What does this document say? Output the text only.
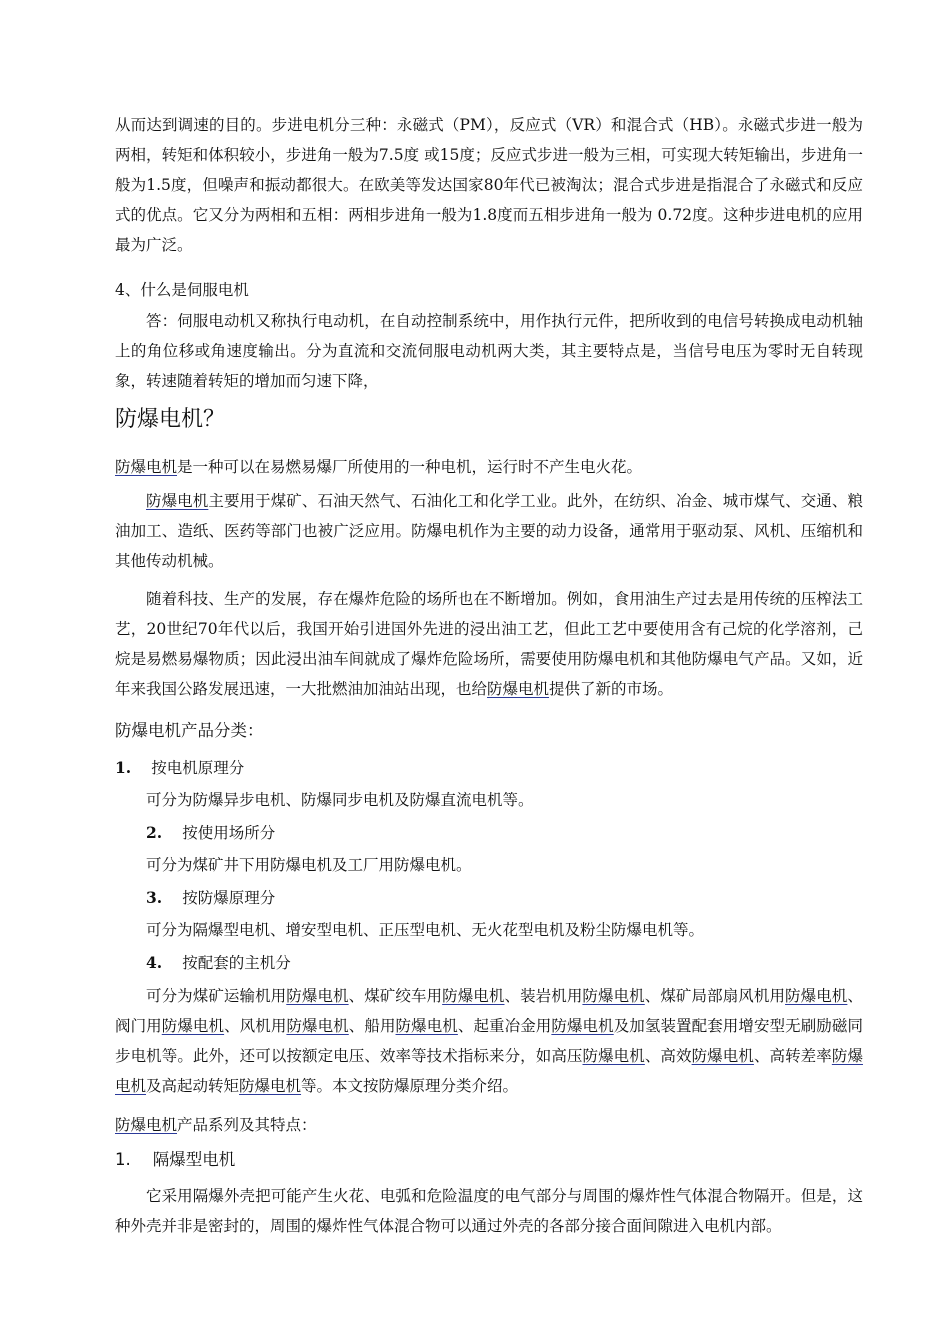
从而达到调速的目的。步进电机分三种：永磁式（PM），反应式（VR）和混合式（HB）。永磁式步进一般为两相，转矩和体积较小，步进角一般为7.5度 或15度；反应式步进一般为三相，可实现大转矩输出，步进角一般为1.5度，但噪声和振动都很大。在欧美等发达国家80年代已被淘汰；混合式步进是指混合了永磁式和反应式的优点。它又分为两相和五相：两相步进角一般为1.8度而五相步进角一般为 0.72度。这种步进电机的应用最为广泛。
4、什么是伺服电机
答：伺服电动机又称执行电动机，在自动控制系统中，用作执行元件，把所收到的电信号转换成电动机轴上的角位移或角速度输出。分为直流和交流伺服电动机两大类，其主要特点是，当信号电压为零时无自转现象，转速随着转矩的增加而匀速下降，
防爆电机？
防爆电机是一种可以在易燃易爆厂所使用的一种电机，运行时不产生电火花。
防爆电机主要用于煤矿、石油天然气、石油化工和化学工业。此外，在纺织、冶金、城市煤气、交通、粮油加工、造纸、医药等部门也被广泛应用。防爆电机作为主要的动力设备，通常用于驱动泵、风机、压缩机和其他传动机械。
随着科技、生产的发展，存在爆炸危险的场所也在不断增加。例如，食用油生产过去是用传统的压榨法工艺，20世纪70年代以后，我国开始引进国外先进的浸出油工艺，但此工艺中要使用含有己烷的化学溶剂，己烷是易燃易爆物质；因此浸出油车间就成了爆炸危险场所，需要使用防爆电机和其他防爆电气产品。又如，近年来我国公路发展迅速，一大批燃油加油站出现，也给防爆电机提供了新的市场。
防爆电机产品分类：
1. 按电机原理分
可分为防爆异步电机、防爆同步电机及防爆直流电机等。
2. 按使用场所分
可分为煤矿井下用防爆电机及工厂用防爆电机。
3. 按防爆原理分
可分为隔爆型电机、增安型电机、正压型电机、无火花型电机及粉尘防爆电机等。
4. 按配套的主机分
可分为煤矿运输机用防爆电机、煤矿绞车用防爆电机、装岩机用防爆电机、煤矿局部扇风机用防爆电机、阀门用防爆电机、风机用防爆电机、船用防爆电机、起重冶金用防爆电机及加氢装置配套用增安型无刷励磁同步电机等。此外，还可以按额定电压、效率等技术指标来分，如高压防爆电机、高效防爆电机、高转差率防爆电机及高起动转矩防爆电机等。本文按防爆原理分类介绍。
防爆电机产品系列及其特点：
1. 隔爆型电机
它采用隔爆外壳把可能产生火花、电弧和危险温度的电气部分与周围的爆炸性气体混合物隔开。但是，这种外壳并非是密封的，周围的爆炸性气体混合物可以通过外壳的各部分接合面间隙进入电机内部。
